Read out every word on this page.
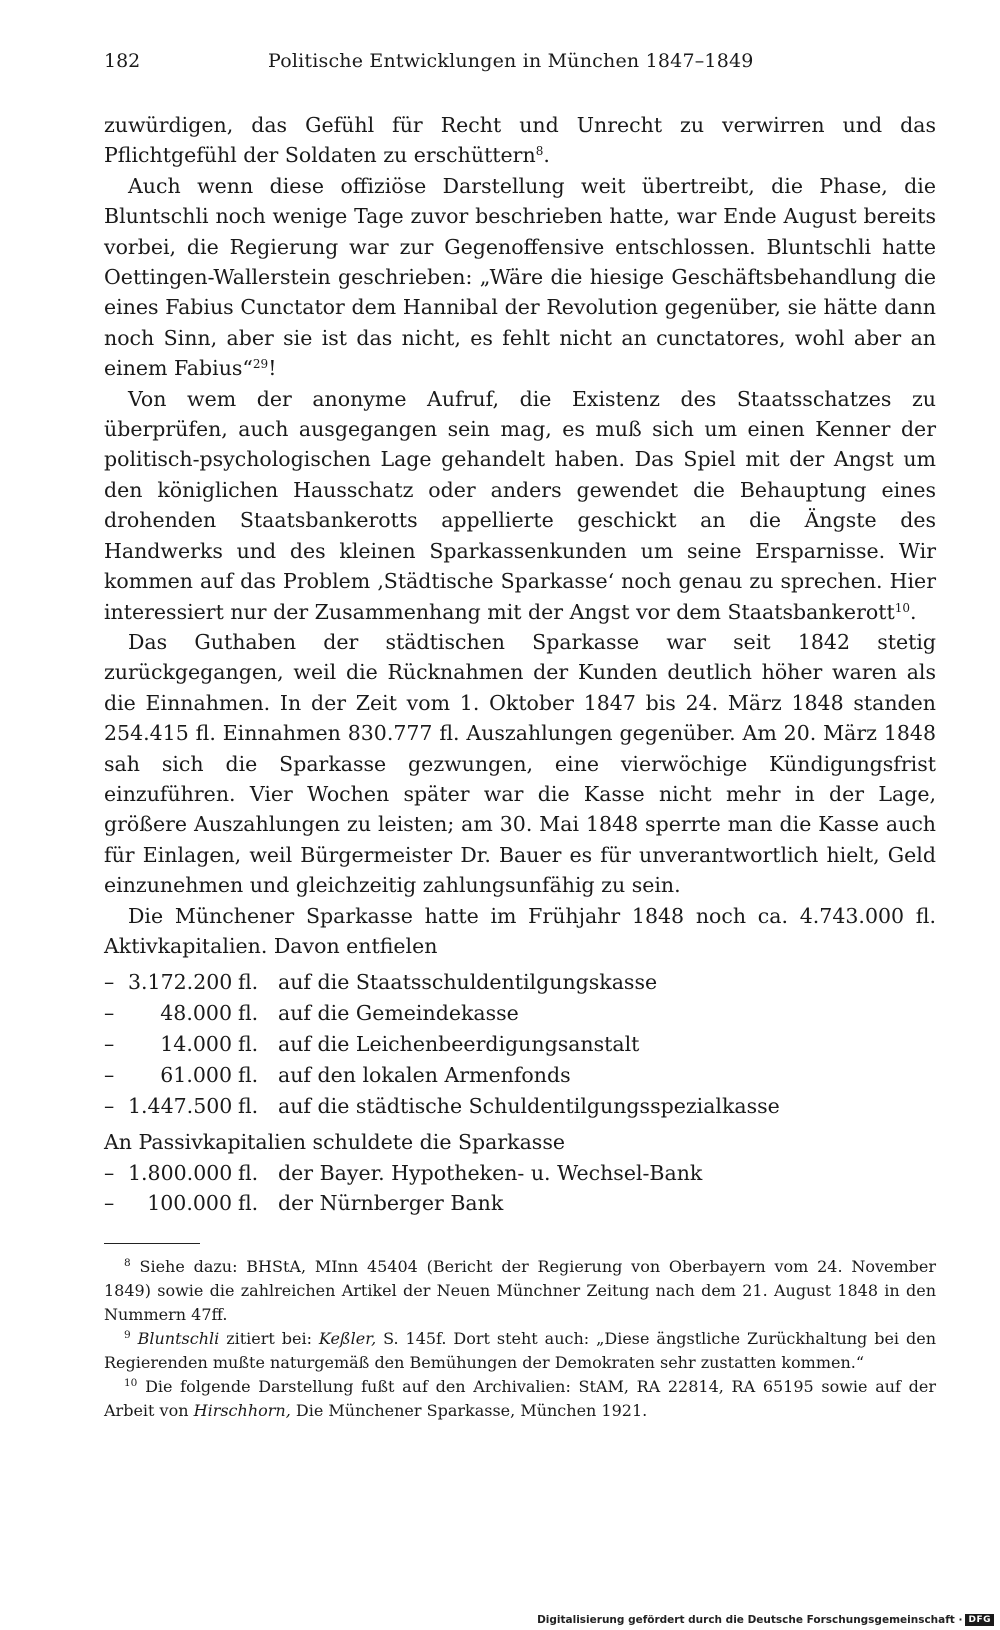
182	Politische Entwicklungen in München 1847–1849

zuwürdigen, das Gefühl für Recht und Unrecht zu verwirren und das Pflichtgefühl der Soldaten zu erschüttern$^8$.

Auch wenn diese offiziöse Darstellung weit übertreibt, die Phase, die Bluntschli noch wenige Tage zuvor beschrieben hatte, war Ende August bereits vorbei, die Regierung war zur Gegenoffensive entschlossen. Bluntschli hatte Oettingen-Wallerstein geschrieben: „Wäre die hiesige Geschäftsbehandlung die eines Fabius Cunctator dem Hannibal der Revolution gegenüber, sie hätte dann noch Sinn, aber sie ist das nicht, es fehlt nicht an cunctatores, wohl aber an einem Fabius“$^{29}$!

Von wem der anonyme Aufruf, die Existenz des Staatsschatzes zu überprüfen, auch ausgegangen sein mag, es muß sich um einen Kenner der politisch-psychologischen Lage gehandelt haben. Das Spiel mit der Angst um den königlichen Hausschatz oder anders gewendet die Behauptung eines drohenden Staatsbankerotts appellierte geschickt an die Ängste des Handwerks und des kleinen Sparkassenkunden um seine Ersparnisse. Wir kommen auf das Problem ‚Städtische Sparkasse‘ noch genau zu sprechen. Hier interessiert nur der Zusammenhang mit der Angst vor dem Staatsbankerott$^{10}$.

Das Guthaben der städtischen Sparkasse war seit 1842 stetig zurückgegangen, weil die Rücknahmen der Kunden deutlich höher waren als die Einnahmen. In der Zeit vom 1. Oktober 1847 bis 24. März 1848 standen 254.415 fl. Einnahmen 830.777 fl. Auszahlungen gegenüber. Am 20. März 1848 sah sich die Sparkasse gezwungen, eine vierwöchige Kündigungsfrist einzuführen. Vier Wochen später war die Kasse nicht mehr in der Lage, größere Auszahlungen zu leisten; am 30. Mai 1848 sperrte man die Kasse auch für Einlagen, weil Bürgermeister Dr. Bauer es für unverantwortlich hielt, Geld einzunehmen und gleichzeitig zahlungsunfähig zu sein.

Die Münchener Sparkasse hatte im Frühjahr 1848 noch ca. 4.743.000 fl. Aktivkapitalien. Davon entfielen

– 3.172.200 fl. auf die Staatsschuldentilgungskasse
–	48.000 fl. auf die Gemeindekasse
–	14.000 fl. auf die Leichenbeerdigungsanstalt
–	61.000 fl. auf den lokalen Armenfonds
– 1.447.500 fl. auf die städtische Schuldentilgungsspezialkasse

An Passivkapitalien schuldete die Sparkasse

– 1.800.000 fl. der Bayer. Hypotheken- u. Wechsel-Bank
–	100.000 fl. der Nürnberger Bank

$^8$ Siehe dazu: BHStA, MInn 45404 (Bericht der Regierung von Oberbayern vom 24. November 1849) sowie die zahlreichen Artikel der Neuen Münchner Zeitung nach dem 21. August 1848 in den Nummern 47ff.

$^9$ Bluntschli zitiert bei: Keßler, S. 145f. Dort steht auch: „Diese ängstliche Zurückhaltung bei den Regierenden mußte naturgemäß den Bemühungen der Demokraten sehr zustatten kommen.“

$^{10}$ Die folgende Darstellung fußt auf den Archivalien: StAM, RA 22814, RA 65195 sowie auf der Arbeit von Hirschhorn, Die Münchener Sparkasse, München 1921.

Digitalisierung gefördert durch die Deutsche Forschungsgemeinschaft · DFG
